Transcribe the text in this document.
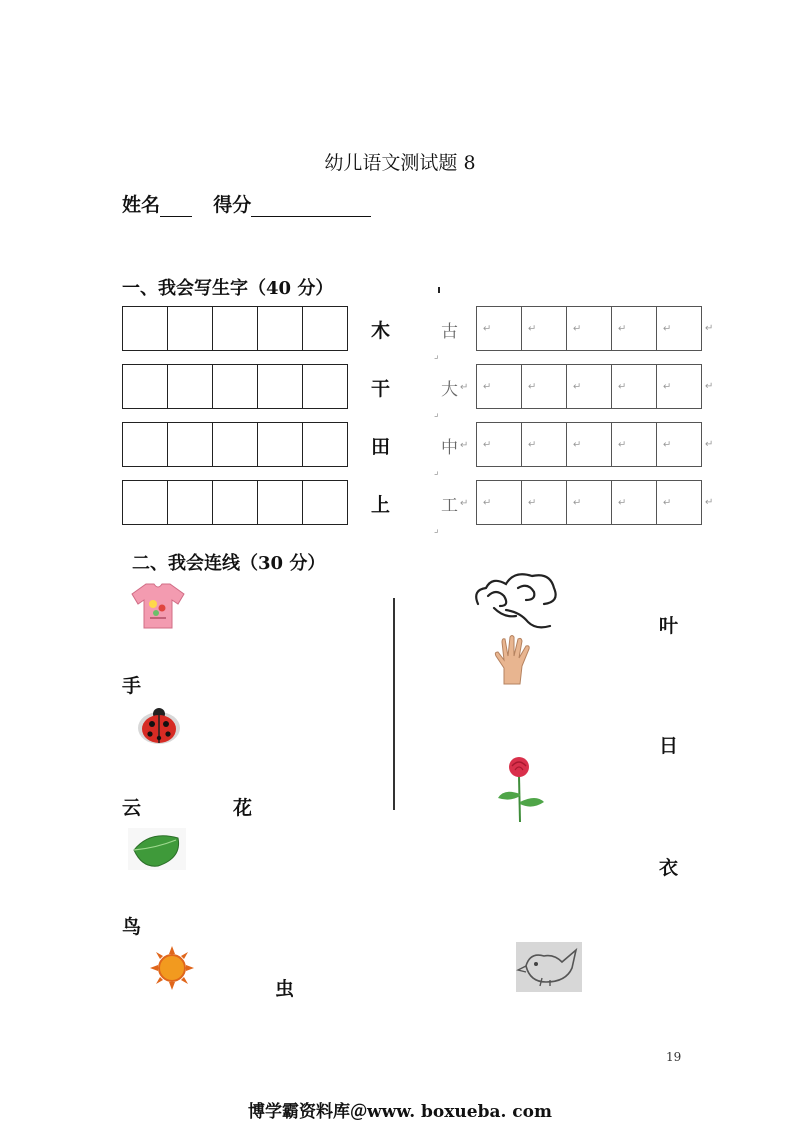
幼儿语文测试题 8
姓名	得分
一、我会写生字（40 分）
木	古	↵	↵	↵	↵	↵	↵
⌟
干	大 ↵ ↵	↵	↵	↵	↵	↵
⌟
田	中 ↵ ↵	↵	↵	↵	↵	↵
⌟
上	工 ↵ ↵	↵	↵	↵	↵	↵
⌟
二、我会连线（30 分）
手
云	花
鸟
虫
叶
日
衣
19
博学霸资料库＠www. boxueba. com
